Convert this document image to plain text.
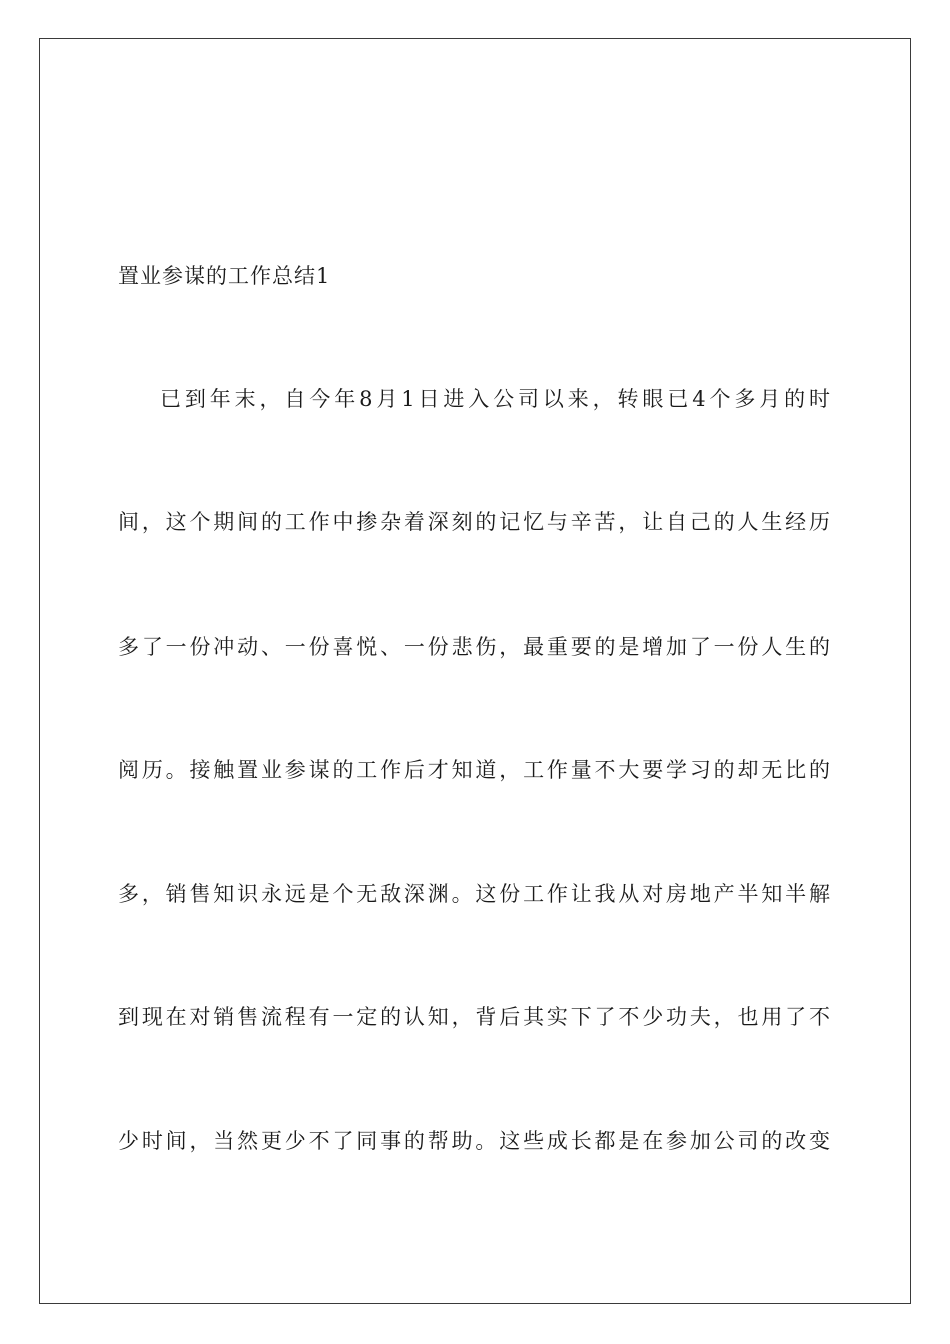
置业参谋的工作总结1
已到年末，自今年8月1日进入公司以来，转眼已4个多月的时
间，这个期间的工作中掺杂着深刻的记忆与辛苦，让自己的人生经历
多了一份冲动、一份喜悦、一份悲伤，最重要的是增加了一份人生的
阅历。接触置业参谋的工作后才知道，工作量不大要学习的却无比的
多，销售知识永远是个无敌深渊。这份工作让我从对房地产半知半解
到现在对销售流程有一定的认知，背后其实下了不少功夫，也用了不
少时间，当然更少不了同事的帮助。这些成长都是在参加公司的改变
